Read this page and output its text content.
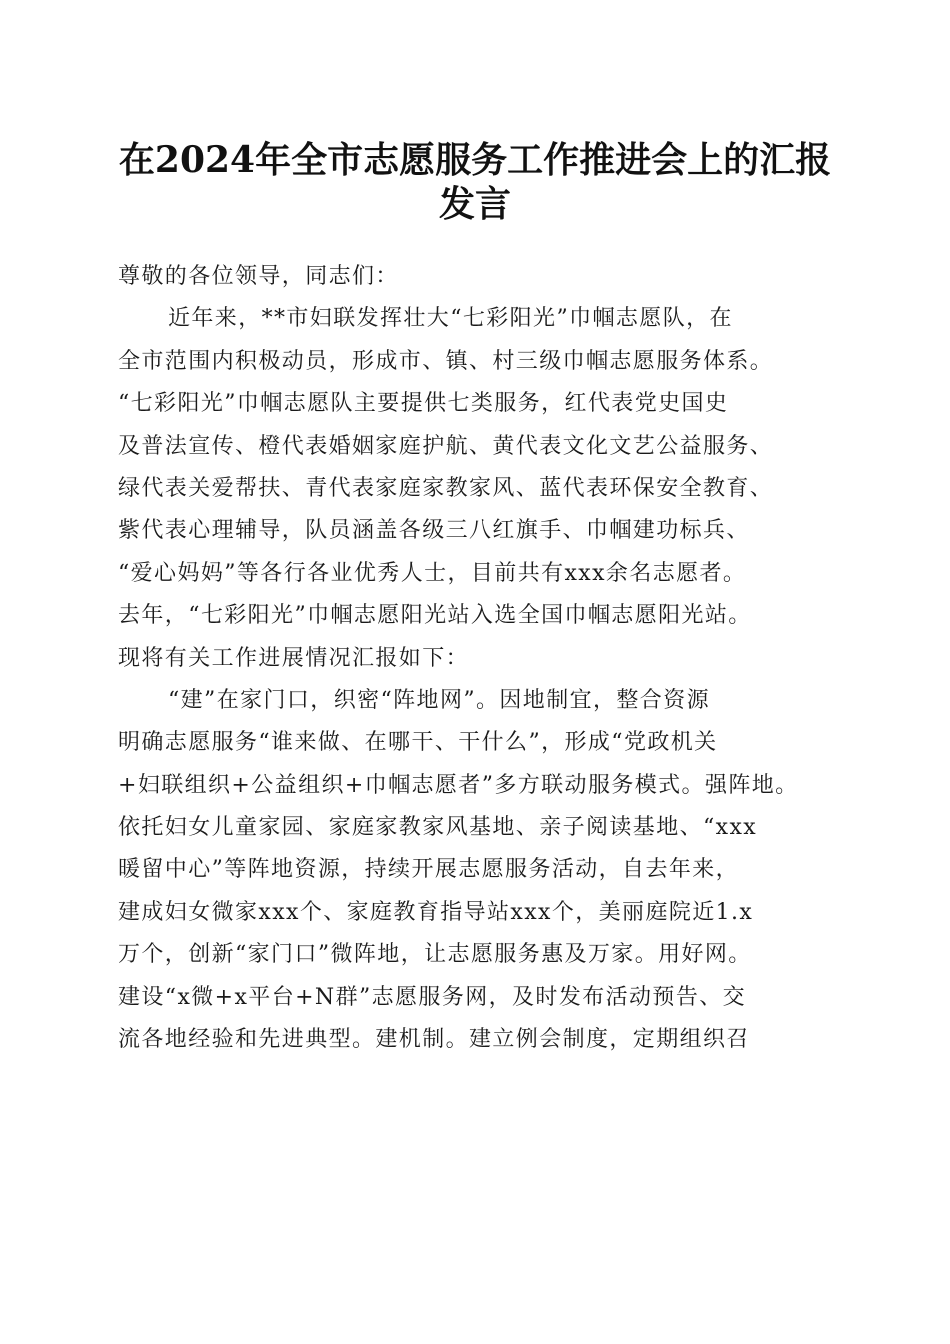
在2024年全市志愿服务工作推进会上的汇报
发言
尊敬的各位领导，同志们：
近年来，**市妇联发挥壮大“七彩阳光”巾帼志愿队，在
全市范围内积极动员，形成市、镇、村三级巾帼志愿服务体系。
“七彩阳光”巾帼志愿队主要提供七类服务，红代表党史国史
及普法宣传、橙代表婚姻家庭护航、黄代表文化文艺公益服务、
绿代表关爱帮扶、青代表家庭家教家风、蓝代表环保安全教育、
紫代表心理辅导，队员涵盖各级三八红旗手、巾帼建功标兵、
“爱心妈妈”等各行各业优秀人士，目前共有xxx余名志愿者。
去年，“七彩阳光”巾帼志愿阳光站入选全国巾帼志愿阳光站。
现将有关工作进展情况汇报如下：
“建”在家门口，织密“阵地网”。因地制宜，整合资源
明确志愿服务“谁来做、在哪干、干什么”，形成“党政机关
+妇联组织+公益组织+巾帼志愿者”多方联动服务模式。强阵地。
依托妇女儿童家园、家庭家教家风基地、亲子阅读基地、“xxx
暖留中心”等阵地资源，持续开展志愿服务活动，自去年来，
建成妇女微家xxx个、家庭教育指导站xxx个，美丽庭院近1.x
万个，创新“家门口”微阵地，让志愿服务惠及万家。用好网。
建设“x微+x平台+N群”志愿服务网，及时发布活动预告、交
流各地经验和先进典型。建机制。建立例会制度，定期组织召
